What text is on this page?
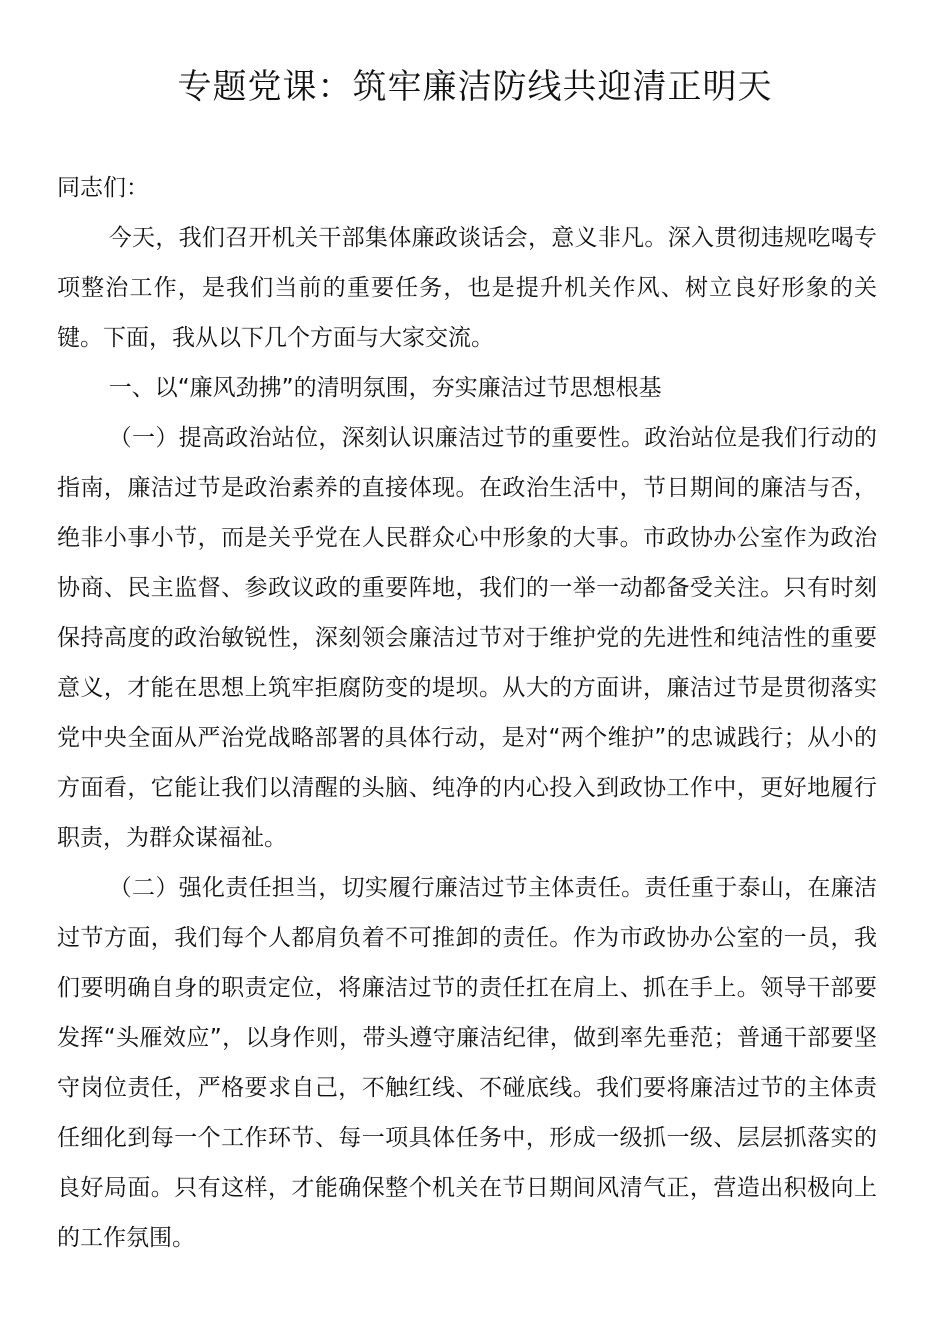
专题党课：筑牢廉洁防线共迎清正明天

同志们：

今天，我们召开机关干部集体廉政谈话会，意义非凡。深入贯彻违规吃喝专项整治工作，是我们当前的重要任务，也是提升机关作风、树立良好形象的关键。下面，我从以下几个方面与大家交流。

一、以“廉风劲拂”的清明氛围，夯实廉洁过节思想根基

（一）提高政治站位，深刻认识廉洁过节的重要性。政治站位是我们行动的指南，廉洁过节是政治素养的直接体现。在政治生活中，节日期间的廉洁与否，绝非小事小节，而是关乎党在人民群众心中形象的大事。市政协办公室作为政治协商、民主监督、参政议政的重要阵地，我们的一举一动都备受关注。只有时刻保持高度的政治敏锐性，深刻领会廉洁过节对于维护党的先进性和纯洁性的重要意义，才能在思想上筑牢拒腐防变的堤坝。从大的方面讲，廉洁过节是贯彻落实党中央全面从严治党战略部署的具体行动，是对“两个维护”的忠诚践行；从小的方面看，它能让我们以清醒的头脑、纯净的内心投入到政协工作中，更好地履行职责，为群众谋福祉。

（二）强化责任担当，切实履行廉洁过节主体责任。责任重于泰山，在廉洁过节方面，我们每个人都肩负着不可推卸的责任。作为市政协办公室的一员，我们要明确自身的职责定位，将廉洁过节的责任扛在肩上、抓在手上。领导干部要发挥“头雁效应”，以身作则，带头遵守廉洁纪律，做到率先垂范；普通干部要坚守岗位责任，严格要求自己，不触红线、不碰底线。我们要将廉洁过节的主体责任细化到每一个工作环节、每一项具体任务中，形成一级抓一级、层层抓落实的良好局面。只有这样，才能确保整个机关在节日期间风清气正，营造出积极向上的工作氛围。
